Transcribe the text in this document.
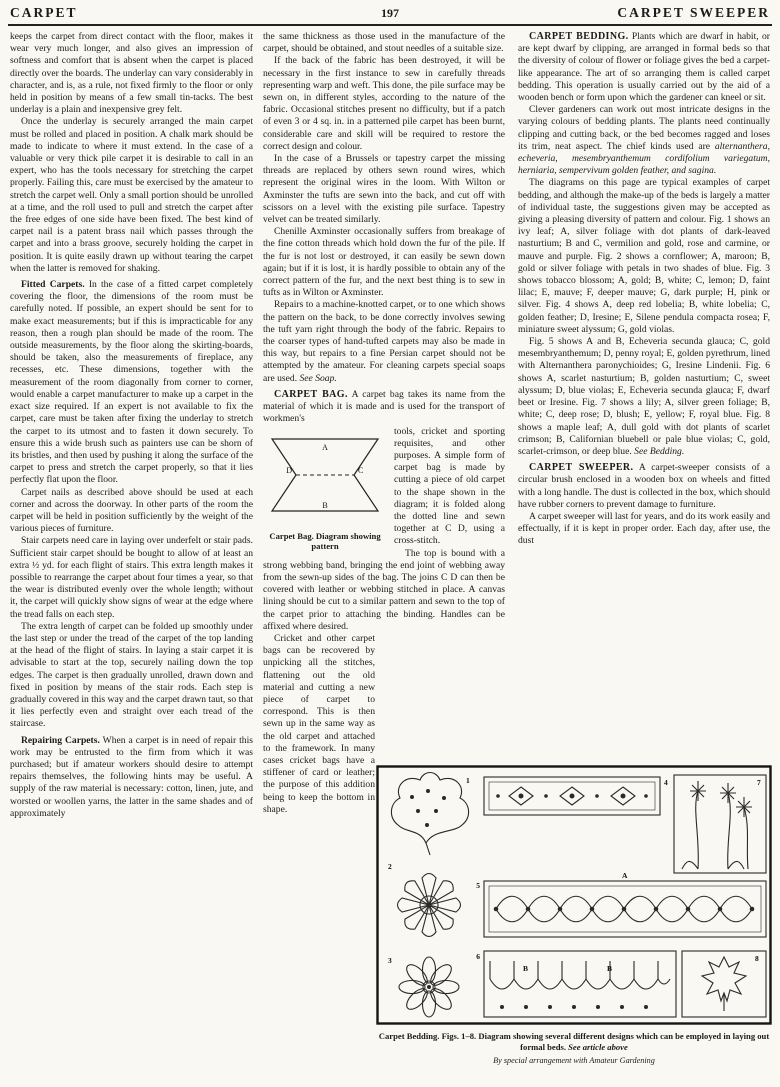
CARPET	197	CARPET SWEEPER

keeps the carpet from direct contact with the floor, makes it wear very much longer, and also gives an impression of softness and comfort that is absent when the carpet is placed directly over the boards. The underlay can vary considerably in character, and is, as a rule, not fixed firmly to the floor or only held in position by means of a few small tin-tacks. The best underlay is a plain and inexpensive grey felt.

Once the underlay is securely arranged the main carpet must be rolled and placed in position. A chalk mark should be made to indicate to where it must extend. In the case of a valuable or very thick pile carpet it is desirable to call in an expert, who has the tools necessary for stretching the carpet properly. Failing this, care must be exercised by the amateur to stretch the carpet well. Only a small portion should be unrolled at a time, and the roll used to pull and stretch the carpet after the free edges of one side have been fixed. The best kind of carpet nail is a patent brass nail which passes through the carpet and into a brass groove, securely holding the carpet in position. It is quite easily drawn up without tearing the carpet when the latter is removed for shaking.

Fitted Carpets. In the case of a fitted carpet completely covering the floor, the dimensions of the room must be carefully noted. If possible, an expert should be sent for to make exact measurements; but if this is impracticable for any reason, then a rough plan should be made of the room. The outside measurements, by the floor along the skirting-boards, should be taken, also the measurements of fireplace, any recesses, etc. These dimensions, together with the measurement of the room diagonally from corner to corner, would enable a carpet manufacturer to make up a carpet in the exact size required. If an expert is not available to fix the carpet, care must be taken after fixing the underlay to stretch the carpet to its utmost and to fasten it down securely. To ensure this a wide brush such as painters use can be shorn of its bristles, and then used by pushing it along the surface of the carpet to press and stretch the carpet properly, so that it lies perfectly flat upon the floor.

Carpet nails as described above should be used at each corner and across the doorway. In other parts of the room the carpet will be held in position sufficiently by the weight of the various pieces of furniture.

Stair carpets need care in laying over underfelt or stair pads. Sufficient stair carpet should be bought to allow of at least an extra ½ yd. for each flight of stairs. This extra length makes it possible to rearrange the carpet about four times a year, so that the wear is distributed evenly over the whole length; without it, the carpet will quickly show signs of wear at the edge where the tread falls on each step.

The extra length of carpet can be folded up smoothly under the last step or under the tread of the carpet of the top landing at the head of the flight of stairs. In laying a stair carpet it is advisable to start at the top, securely nailing down the top edges. The carpet is then gradually unrolled, drawn down and fixed in position by means of the stair rods. Each step is gradually covered in this way and the carpet drawn taut, so that it lies perfectly even and straight over each tread of the staircase.

Repairing Carpets. When a carpet is in need of repair this work may be entrusted to the firm from which it was purchased; but if amateur workers should desire to attempt repairs themselves, the following hints may be useful. A supply of the raw material is necessary: cotton, linen, jute, and worsted or woollen yarns, the latter in the same shades and of approximately

the same thickness as those used in the manufacture of the carpet, should be obtained, and stout needles of a suitable size.

If the back of the fabric has been destroyed, it will be necessary in the first instance to sew in carefully threads representing warp and weft. This done, the pile surface may be sewn on, in different styles, according to the nature of the fabric. Occasional stitches present no difficulty, but if a patch of even 3 or 4 sq. in. in a patterned pile carpet has been burnt, considerable care and skill will be required to restore the correct design and colour.

In the case of a Brussels or tapestry carpet the missing threads are replaced by others sewn round wires, which represent the original wires in the loom. With Wilton or Axminster the tufts are sewn into the back, and cut off with scissors on a level with the existing pile surface. Tapestry velvet can be treated similarly.

Chenille Axminster occasionally suffers from breakage of the fine cotton threads which hold down the fur of the pile. If the fur is not lost or destroyed, it can easily be sewn down again; but if it is lost, it is hardly possible to obtain any of the correct pattern of the fur, and the next best thing is to sew in tufts as in Wilton or Axminster.

Repairs to a machine-knotted carpet, or to one which shows the pattern on the back, to be done correctly involves sewing the tuft yarn right through the body of the fabric. Repairs to the coarser types of hand-tufted carpets may also be made in this way, but repairs to a fine Persian carpet should not be attempted by the amateur. For cleaning carpets special soaps are used. See Soap.

CARPET BAG. A carpet bag takes its name from the material of which it is made and is used for the transport of workmen's

A
B
C
D
Carpet Bag. Diagram showing pattern

tools, cricket and sporting requisites, and other purposes. A simple form of carpet bag is made by cutting a piece of old carpet to the shape shown in the diagram; it is folded along the dotted line and sewn together at C D, using a cross-stitch.

The top is bound with a strong webbing band, bringing the end joint of webbing away from the sewn-up sides of the bag. The joins C D can then be covered with leather or webbing stitched in place. A canvas lining should be cut to a similar pattern and sewn to the top of the carpet prior to attaching the binding. Handles can be affixed where desired.

Cricket and other carpet bags can be recovered by unpicking all the stitches, flattening out the old material and cutting a new piece of carpet to correspond. This is then sewn up in the same way as the old carpet and attached to the framework. In many cases cricket bags have a stiffener of card or leather; the purpose of this addition being to keep the bottom in shape.

CARPET BEDDING. Plants which are dwarf in habit, or are kept dwarf by clipping, are arranged in formal beds so that the diversity of colour of flower or foliage gives the bed a carpet-like appearance. The art of so arranging them is called carpet bedding. This operation is usually carried out by the aid of a wooden bench or form upon which the gardener can kneel or sit.

Clever gardeners can work out most intricate designs in the varying colours of bedding plants. The plants need continually clipping and cutting back, or the bed becomes ragged and loses its trim, neat aspect. The chief kinds used are alternanthera, echeveria, mesembryanthemum cordifolium variegatum, herniaria, sempervivum golden feather, and sagina.

The diagrams on this page are typical examples of carpet bedding, and although the make-up of the beds is largely a matter of individual taste, the suggestions given may be accepted as giving a pleasing diversity of pattern and colour. Fig. 1 shows an ivy leaf; A, silver foliage with dot plants of dark-leaved nasturtium; B and C, vermilion and gold, rose and carmine, or mauve and purple. Fig. 2 shows a cornflower; A, maroon; B, gold or silver foliage with petals in two shades of blue. Fig. 3 shows tobacco blossom; A, gold; B, white; C, lemon; D, faint lilac; E, mauve; F, deeper mauve; G, dark purple; H, pink or silver. Fig. 4 shows A, deep red lobelia; B, white lobelia; C, golden feather; D, Iresine; E, Silene pendula compacta rosea; F, miniature sweet alyssum; G, gold violas.

Fig. 5 shows A and B, Echeveria secunda glauca; C, gold mesembryanthemum; D, penny royal; E, golden pyrethrum, lined with Alternanthera paronychioides; G, Iresine Lindenii. Fig. 6 shows A, scarlet nasturtium; B, golden nasturtium; C, sweet alyssum; D, blue violas; E, Echeveria secunda glauca; F, dwarf beet or Iresine. Fig. 7 shows a lily; A, silver green foliage; B, white; C, deep rose; D, blush; E, yellow; F, royal blue. Fig. 8 shows a maple leaf; A, dull gold with dot plants of scarlet crimson; B, Californian bluebell or pale blue violas; C, gold, scarlet-crimson, or deep blue. See Bedding.

CARPET SWEEPER. A carpet-sweeper consists of a circular brush enclosed in a wooden box on wheels and fitted with a long handle. The dust is collected in the box, which should have rubber corners to prevent damage to furniture.

A carpet sweeper will last for years, and do its work easily and effectually, if it is kept in proper order. Each day, after use, the dust

1	4	7
A
5
2
3
B	B
6	8
Carpet Bedding. Figs. 1–8. Diagram showing several different designs which can be employed in laying out formal beds. See article above
By special arrangement with Amateur Gardening
